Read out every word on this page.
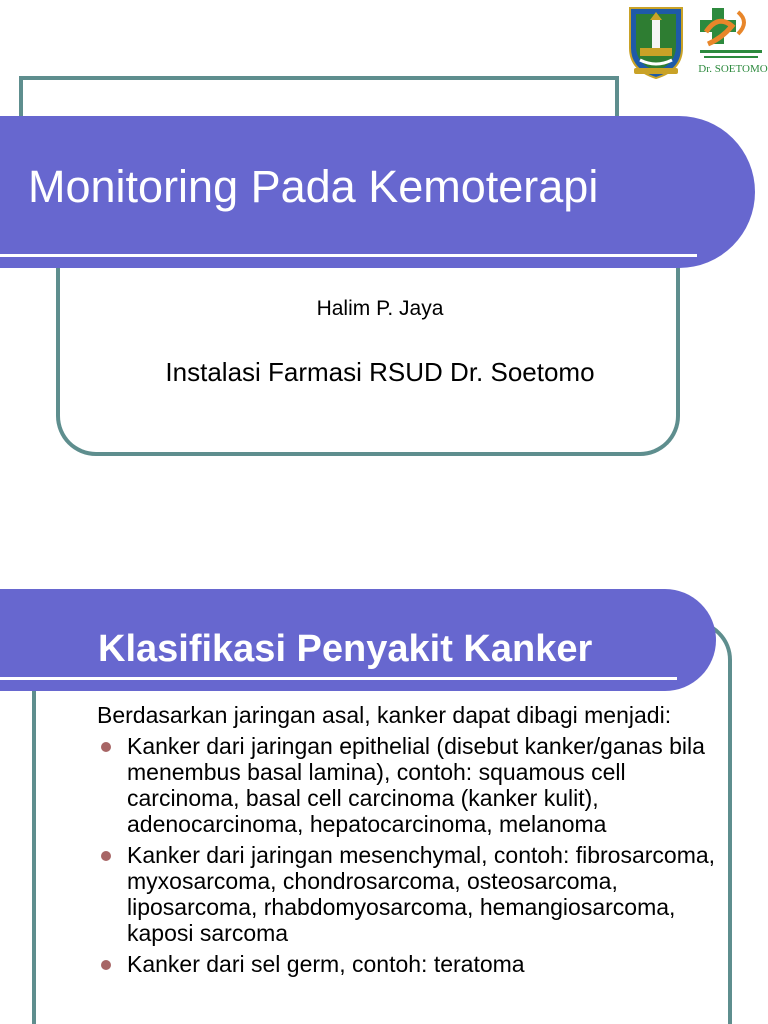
Monitoring Pada Kemoterapi
Halim P. Jaya
Instalasi Farmasi RSUD Dr. Soetomo
Dr. SOETOMO
Klasifikasi Penyakit Kanker

Berdasarkan jaringan asal, kanker dapat dibagi menjadi:

Kanker dari jaringan epithelial (disebut kanker/ganas bila menembus basal lamina), contoh: squamous cell carcinoma, basal cell carcinoma (kanker kulit), adenocarcinoma, hepatocarcinoma, melanoma
Kanker dari jaringan mesenchymal, contoh: fibrosarcoma, myxosarcoma, chondrosarcoma, osteosarcoma, liposarcoma, rhabdomyosarcoma, hemangiosarcoma, kaposi sarcoma
Kanker dari sel germ, contoh: teratoma
